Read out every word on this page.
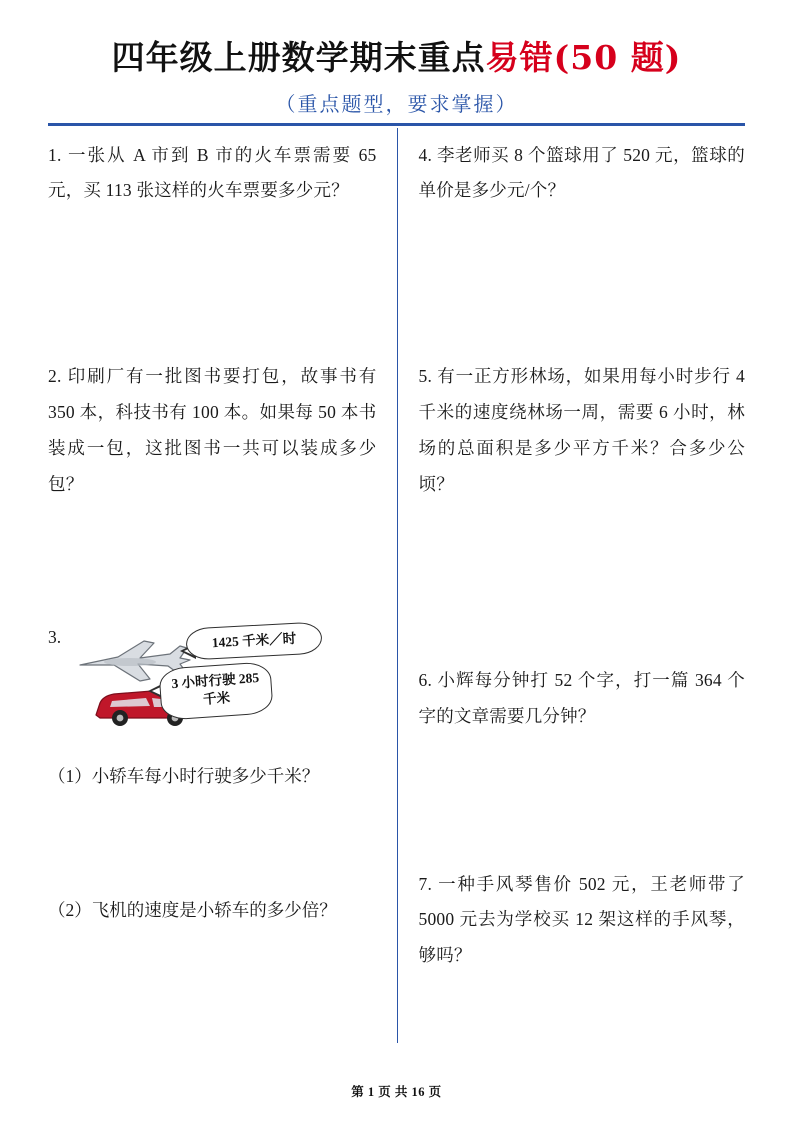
四年级上册数学期末重点易错(50 题)
（重点题型，要求掌握）
1. 一张从 A 市到 B 市的火车票需要 65 元，买 113 张这样的火车票要多少元？
2. 印刷厂有一批图书要打包，故事书有 350 本，科技书有 100 本。如果每 50 本书装成一包，这批图书一共可以装成多少包？
3.	1425 千米／时
3 小时行驶 285 千米
（1）小轿车每小时行驶多少千米？
（2）飞机的速度是小轿车的多少倍？
4. 李老师买 8 个篮球用了 520 元，篮球的单价是多少元/个？
5. 有一正方形林场，如果用每小时步行 4 千米的速度绕林场一周，需要 6 小时，林场的总面积是多少平方千米？合多少公顷？
6. 小辉每分钟打 52 个字，打一篇 364 个字的文章需要几分钟？
7. 一种手风琴售价 502 元，王老师带了 5000 元去为学校买 12 架这样的手风琴，够吗？
第 1 页 共 16 页
